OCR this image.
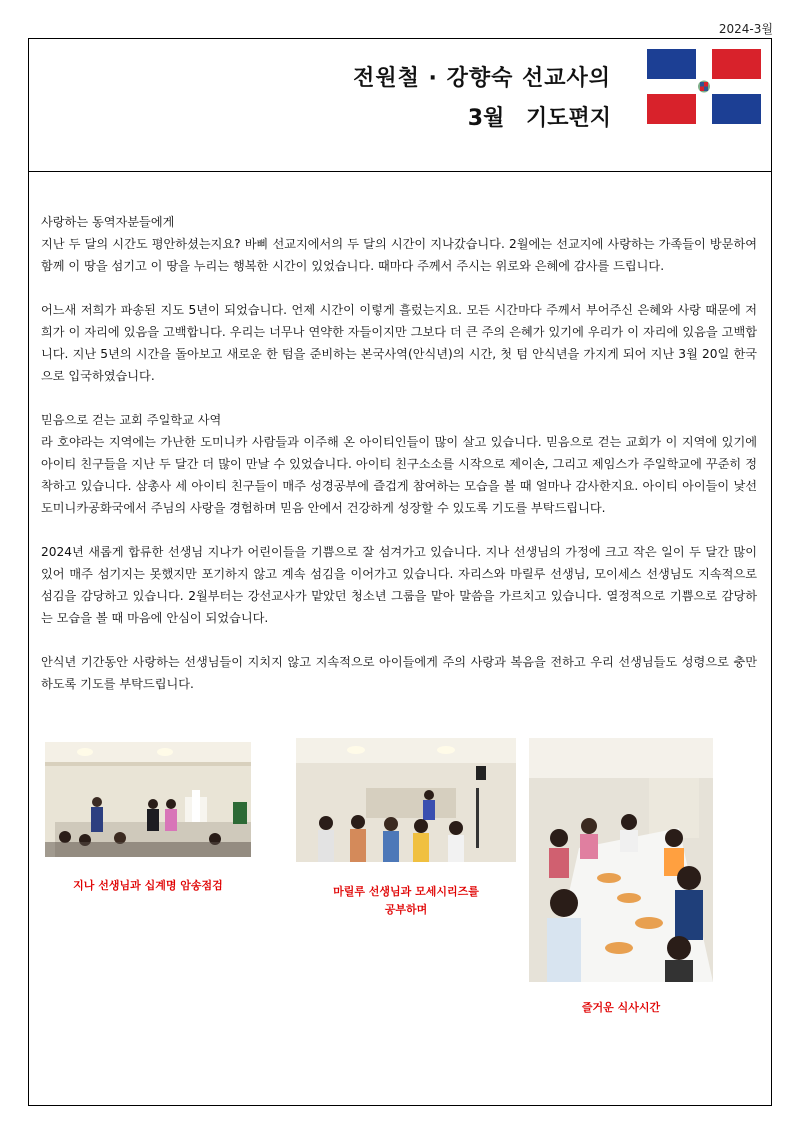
2024-3월
전원철 · 강향숙 선교사의
3월 기도편지

사랑하는 동역자분들에게

지난 두 달의 시간도 평안하셨는지요? 바삐 선교지에서의 두 달의 시간이 지나갔습니다. 2월에는 선교지에 사랑하는 가족들이 방문하여 함께 이 땅을 섬기고 이 땅을 누리는 행복한 시간이 있었습니다. 때마다 주께서 주시는 위로와 은혜에 감사를 드립니다.

어느새 저희가 파송된 지도 5년이 되었습니다. 언제 시간이 이렇게 흘렀는지요. 모든 시간마다 주께서 부어주신 은혜와 사랑 때문에 저희가 이 자리에 있음을 고백합니다. 우리는 너무나 연약한 자들이지만 그보다 더 큰 주의 은혜가 있기에 우리가 이 자리에 있음을 고백합니다. 지난 5년의 시간을 돌아보고 새로운 한 텀을 준비하는 본국사역(안식년)의 시간, 첫 텀 안식년을 가지게 되어 지난 3월 20일 한국으로 입국하였습니다.

믿음으로 걷는 교회 주일학교 사역

라 호야라는 지역에는 가난한 도미니카 사람들과 이주해 온 아이티인들이 많이 살고 있습니다. 믿음으로 걷는 교회가 이 지역에 있기에 아이티 친구들을 지난 두 달간 더 많이 만날 수 있었습니다. 아이티 친구소소를 시작으로 제이손, 그리고 제임스가 주일학교에 꾸준히 정착하고 있습니다. 삼총사 세 아이티 친구들이 매주 성경공부에 즐겁게 참여하는 모습을 볼 때 얼마나 감사한지요. 아이티 아이들이 낯선 도미니카공화국에서 주님의 사랑을 경험하며 믿음 안에서 건강하게 성장할 수 있도록 기도를 부탁드립니다.

2024년 새롭게 합류한 선생님 지나가 어린이들을 기쁨으로 잘 섬겨가고 있습니다. 지나 선생님의 가정에 크고 작은 일이 두 달간 많이 있어 매주 섬기지는 못했지만 포기하지 않고 계속 섬김을 이어가고 있습니다. 자리스와 마릴루 선생님, 모이세스 선생님도 지속적으로 섬김을 감당하고 있습니다. 2월부터는 강선교사가 맡았던 청소년 그룹을 맡아 말씀을 가르치고 있습니다. 열정적으로 기쁨으로 감당하는 모습을 볼 때 마음에 안심이 되었습니다.

안식년 기간동안 사랑하는 선생님들이 지치지 않고 지속적으로 아이들에게 주의 사랑과 복음을 전하고 우리 선생님들도 성령으로 충만하도록 기도를 부탁드립니다.

지나 선생님과 십계명 암송점검	마릴루 선생님과 모세시리즈를
공부하며
즐거운 식사시간
